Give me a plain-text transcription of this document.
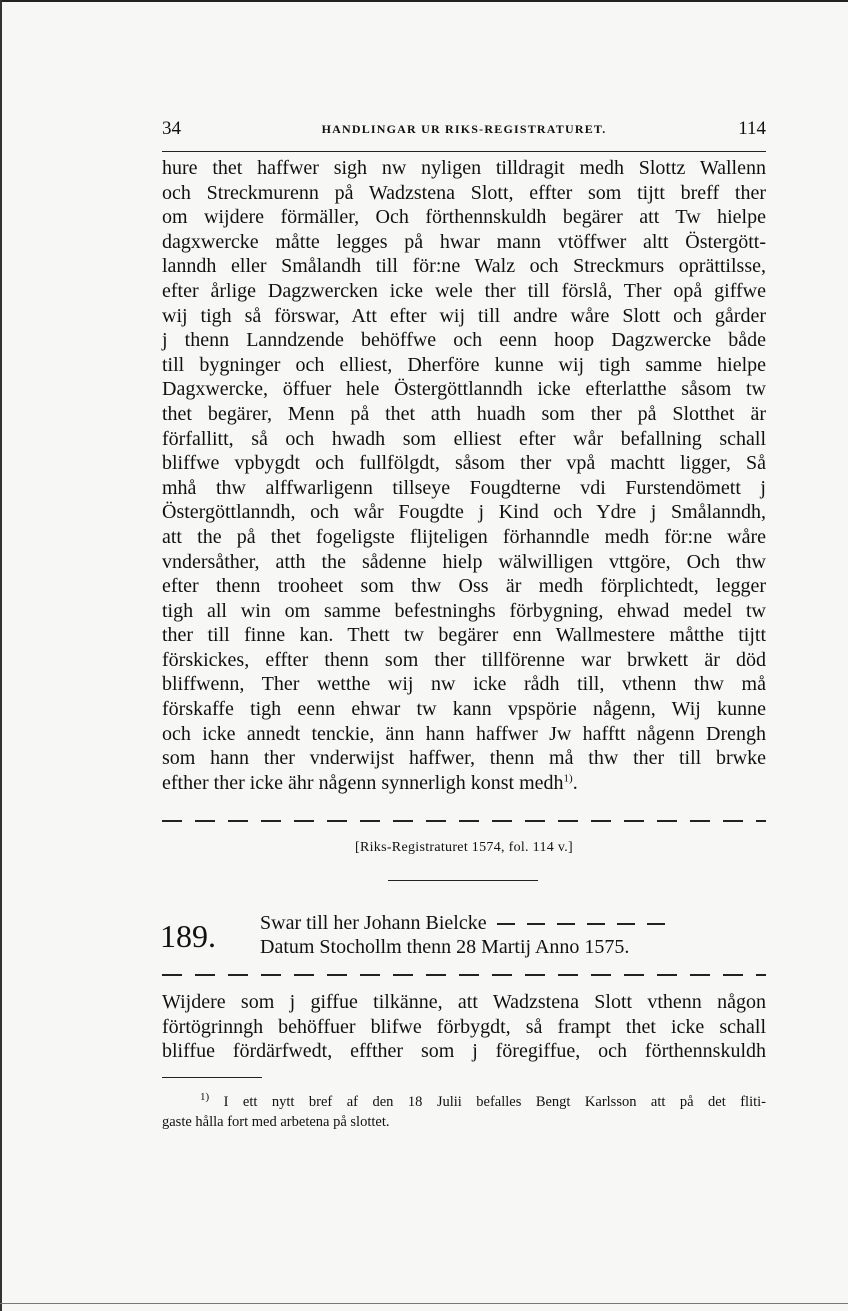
34	HANDLINGAR UR RIKS-REGISTRATURET.	114
hure thet haffwer sigh nw nyligen tilldragit medh Slottz Wallenn
och Streckmurenn på Wadzstena Slott, effter som tijtt breff ther
om wijdere förmäller, Och förthennskuldh begärer att Tw hielpe
dagxwercke måtte legges på hwar mann vtöffwer altt Östergött-
lanndh eller Smålandh till för:ne Walz och Streckmurs oprättilsse,
efter årlige Dagzwercken icke wele ther till förslå, Ther opå giffwe
wij tigh så förswar, Att efter wij till andre wåre Slott och gårder
j thenn Lanndzende behöffwe och eenn hoop Dagzwercke både
till bygninger och elliest, Dherföre kunne wij tigh samme hielpe
Dagxwercke, öffuer hele Östergöttlanndh icke efterlatthe såsom tw
thet begärer, Menn på thet atth huadh som ther på Slotthet är
förfallitt, så och hwadh som elliest efter wår befallning schall
bliffwe vpbygdt och fullfölgdt, såsom ther vpå machtt ligger, Så
mhå thw alffwarligenn tillseye Fougdterne vdi Furstendömett j
Östergöttlanndh, och wår Fougdte j Kind och Ydre j Smålanndh,
att the på thet fogeligste flijteligen förhanndle medh för:ne wåre
vndersåther, atth the sådenne hielp wälwilligen vttgöre, Och thw
efter thenn trooheet som thw Oss är medh förplichtedt, legger
tigh all win om samme befestninghs förbygning, ehwad medel tw
ther till finne kan. Thett tw begärer enn Wallmestere måtthe tijtt
förskickes, effter thenn som ther tillförenne war brwkett är död
bliffwenn, Ther wetthe wij nw icke rådh till, vthenn thw må
förskaffe tigh eenn ehwar tw kann vpspörie någenn, Wij kunne
och icke annedt tenckie, änn hann haffwer Jw hafftt någenn Drengh
som hann ther vnderwijst haffwer, thenn må thw ther till brwke
efther ther icke ähr någenn synnerligh konst medh$^{1)}$.
[Riks-Registraturet 1574, fol. 114 v.]
189. Swar till her Johann Bielcke
Datum Stochollm thenn 28 Martij Anno 1575.
Wijdere som j giffue tilkänne, att Wadzstena Slott vthenn någon
förtögrinngh behöffuer blifwe förbygdt, så frampt thet icke schall
bliffue fördärfwedt, effther som j föregiffue, och förthennskuldh
$^{1)}$ I ett nytt bref af den 18 Julii befalles Bengt Karlsson att på det fliti-
gaste hålla fort med arbetena på slottet.
